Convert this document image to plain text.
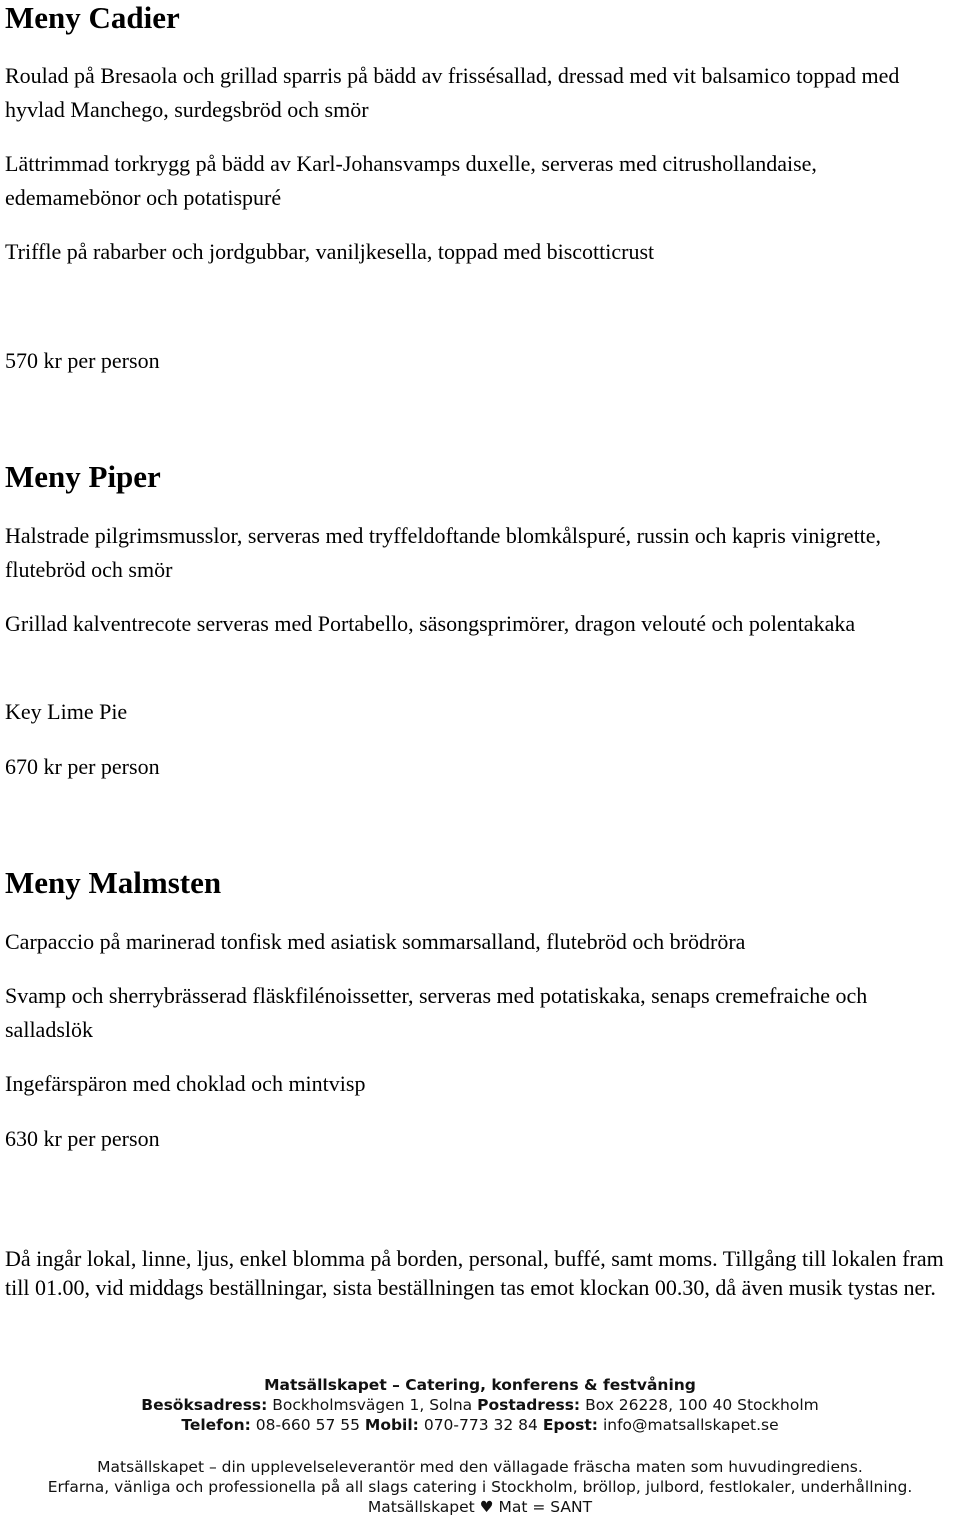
Meny Cadier

Roulad på Bresaola och grillad sparris på bädd av frissésallad, dressad med vit balsamico toppad med hyvlad Manchego, surdegsbröd och smör

Lättrimmad torkrygg på bädd av Karl-Johansvamps duxelle, serveras med citrushollandaise, edemamebönor och potatispuré

Triffle på rabarber och jordgubbar, vaniljkesella, toppad med biscotticrust

570 kr per person

Meny Piper

Halstrade pilgrimsmusslor, serveras med tryffeldoftande blomkålspuré, russin och kapris vinigrette, flutebröd och smör

Grillad kalventrecote serveras med Portabello, säsongsprimörer, dragon velouté och polentakaka

Key Lime Pie

670 kr per person

Meny Malmsten

Carpaccio på marinerad tonfisk med asiatisk sommarsalland, flutebröd och brödröra

Svamp och sherrybrässerad fläskfilénoissetter, serveras med potatiskaka, senaps cremefraiche och salladslök

Ingefärspäron med choklad och mintvisp

630 kr per person

Då ingår lokal, linne, ljus, enkel blomma på borden, personal, buffé, samt moms. Tillgång till lokalen fram till 01.00, vid middags beställningar, sista beställningen tas emot klockan 00.30, då även musik tystas ner.

Matsällskapet – Catering, konferens & festvåning
Besöksadress: Bockholmsvägen 1, Solna Postadress: Box 26228, 100 40 Stockholm
Telefon: 08-660 57 55 Mobil: 070-773 32 84 Epost: info@matsallskapet.se
Matsällskapet – din upplevelseleverantör med den vällagade fräscha maten som huvudingrediens.
Erfarna, vänliga och professionella på all slags catering i Stockholm, bröllop, julbord, festlokaler, underhållning.
Matsällskapet ♥ Mat = SANT
